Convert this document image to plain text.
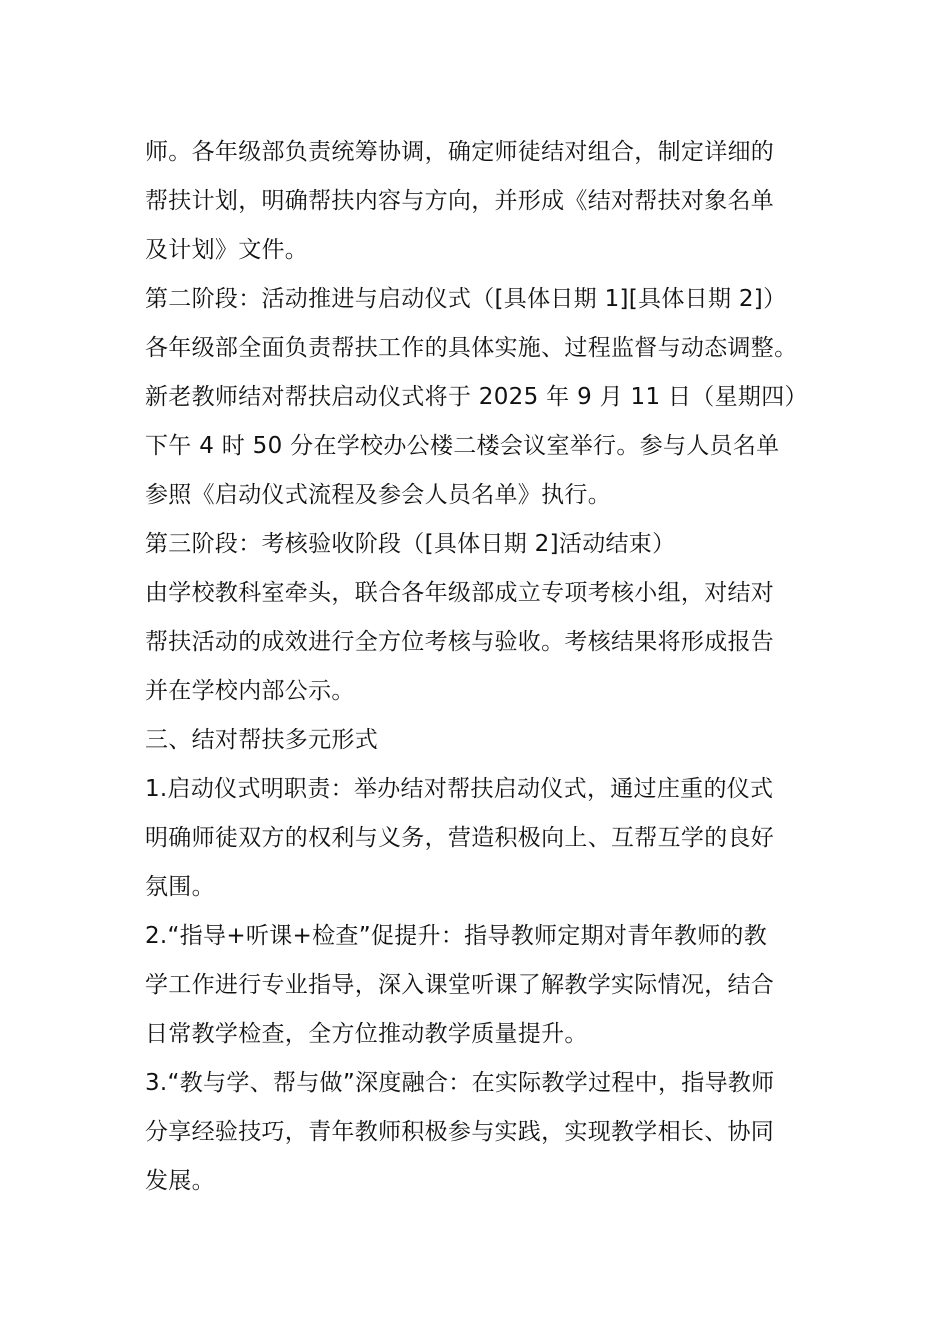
师。各年级部负责统筹协调，确定师徒结对组合，制定详细的
帮扶计划，明确帮扶内容与方向，并形成《结对帮扶对象名单
及计划》文件。
第二阶段：活动推进与启动仪式（[具体日期 1][具体日期 2]）
各年级部全面负责帮扶工作的具体实施、过程监督与动态调整。
新老教师结对帮扶启动仪式将于 2025 年 9 月 11 日（星期四）
下午 4 时 50 分在学校办公楼二楼会议室举行。参与人员名单
参照《启动仪式流程及参会人员名单》执行。
第三阶段：考核验收阶段（[具体日期 2]活动结束）
由学校教科室牵头，联合各年级部成立专项考核小组，对结对
帮扶活动的成效进行全方位考核与验收。考核结果将形成报告
并在学校内部公示。
三、结对帮扶多元形式
1.启动仪式明职责：举办结对帮扶启动仪式，通过庄重的仪式
明确师徒双方的权利与义务，营造积极向上、互帮互学的良好
氛围。
2.“指导+听课+检查”促提升：指导教师定期对青年教师的教
学工作进行专业指导，深入课堂听课了解教学实际情况，结合
日常教学检查，全方位推动教学质量提升。
3.“教与学、帮与做”深度融合：在实际教学过程中，指导教师
分享经验技巧，青年教师积极参与实践，实现教学相长、协同
发展。
